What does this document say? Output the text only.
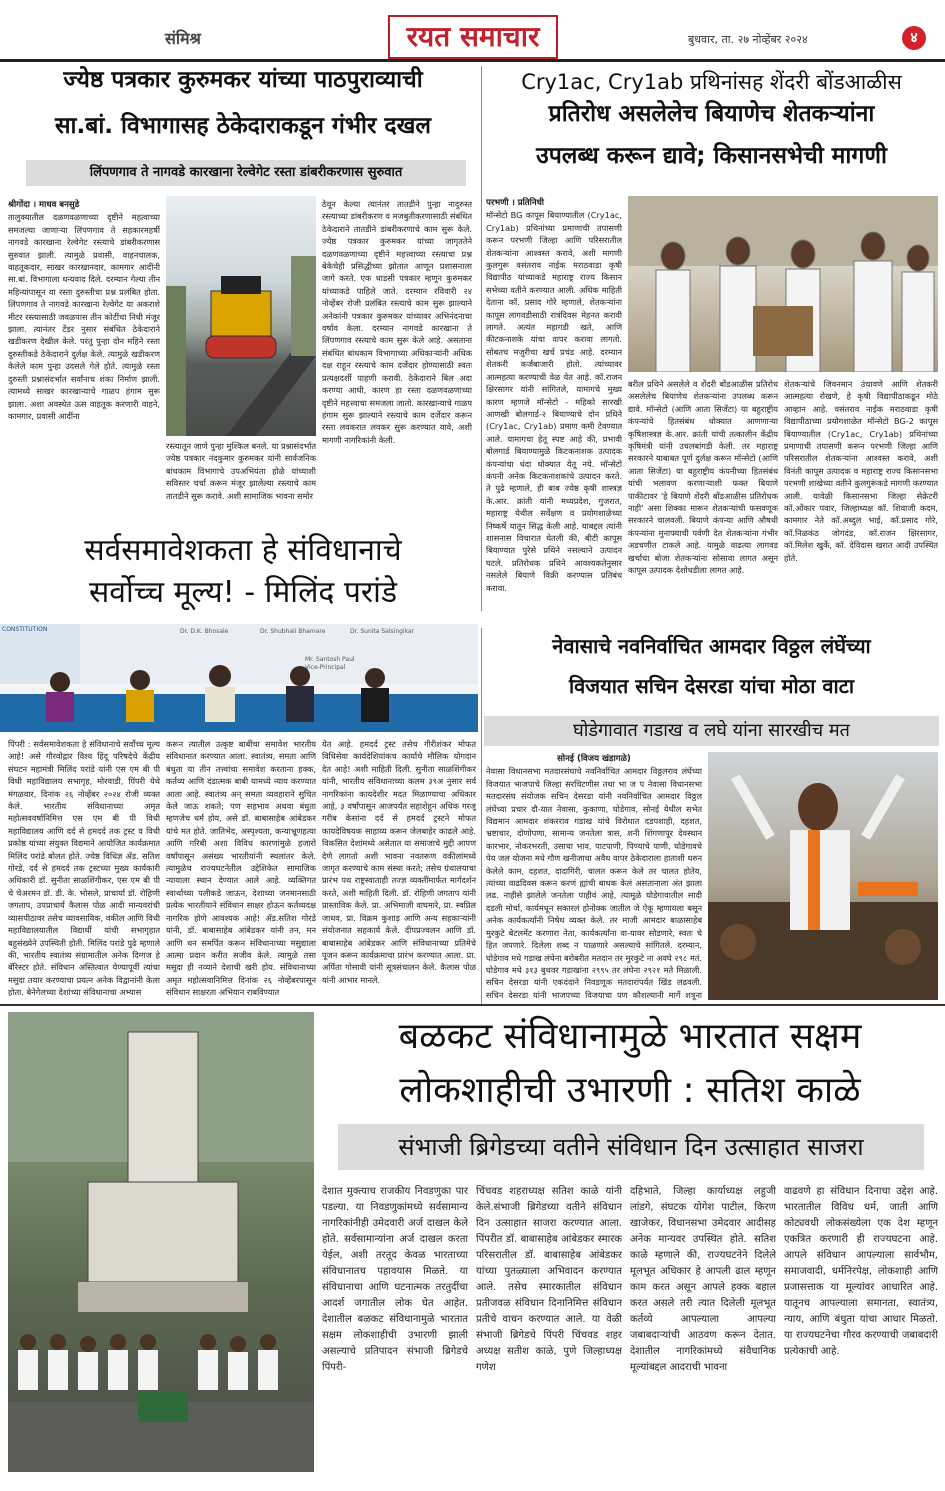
संमिश्र	रयत समाचार	बुधवार, ता. २७ नोव्हेंबर २०२४	४
ज्येष्ठ पत्रकार कुरुमकर यांच्या पाठपुराव्याची
सा.बां. विभागासह ठेकेदाराकडून गंभीर दखल
लिंपणगाव ते नागवडे कारखाना रेल्वेगेट रस्ता डांबरीकरणास सुरुवात

श्रीगोंदा । माधव बनसुडे

तालुक्यातील दळणवळणाच्या दृष्टीने महत्वाच्या समजल्या जाणाऱ्या लिंपणगाव ते सहकारमहर्षी नागवडे कारखाना रेल्वेगेट रस्त्याचे डांबरीकरणास सुरुवात झाली. त्यामुळे प्रवासी, वाहनचालक, वाहतूकदार, साखर कारखानदार, कामगार आदींनी सा.बां. विभागाला धन्यवाद दिले. दरम्यान गेल्या तीन महिन्यांपासून या रस्ता दुरुस्तीचा प्रश्न प्रलंबित होता. लिंपणगाव ते नागवडे कारखाना रेल्वेगेट या अकराशे मीटर रस्त्यासाठी जवळपास तीन कोटींचा निधी मंजूर झाला. त्यानंतर टेंडर नुसार संबंधित ठेकेदाराने खडीकरण देखील केले. परंतु पुन्हा दोन महिने रस्ता दुरुस्तीकडे ठेकेदाराने दुर्लक्ष केले. त्यामुळे खडीकरण केलेले काम पुन्हा उदसले गेले होते. त्यामुळे रस्ता दुरुस्ती प्रश्नासंदर्भात सर्वांनाच शंका निर्माण झाली. त्यामध्ये साखर कारखान्याचे गाळप हंगाम सुरू झाला. अशा अवस्थेत ऊस वाहतूक करणारी वाहने, कामगार, प्रवासी आदींना

रस्त्यातून जाणे पुन्हा मुश्किल बनले. या प्रश्नासंदर्भात ज्येष्ठ पत्रकार नंदकुमार कुरुमकर यांनी सार्वजनिक बांधकाम विभागाचे उपअभियंता होळे यांच्याशी सविस्तर चर्चा करून मंजूर झालेल्या रस्त्याचे काम तातडीने सुरू करावे. अशी सामाजिक भावना समोर
ठेवून केल्या त्यानंतर तातडीने पुन्हा नादुरुस्त रस्त्याच्या डांबरीकरण व मजबुतीकरणासाठी संबंधित ठेकेदाराने तातडीने डांबरीकरणाचे काम सुरू केले. ज्येष्ठ पत्रकार कुरुमकर यांच्या जागृततेने दळणवळणाच्या दृष्टीने महत्त्वाच्या रस्त्याचा प्रश्न बेकेचेही प्रसिद्धीच्या झोतात आणून प्रशासनाला जागे करते. एक धाडसी पत्रकार म्हणून कुरुमकर यांच्याकडे पाहिले जाते. दरम्यान रविवारी २४ नोव्हेंबर रोजी प्रलंबित रस्त्याचे काम सुरू झाल्याने अनेकांनी पत्रकार कुरुमकर यांच्यावर अभिनंदनाचा वर्षाव केला. दरम्यान नागवडे कारखाना ते लिंपणगाव रस्त्याचे काम सुरू केले आहे. असताना संबंधित बांधकाम विभागाच्या अधिकाऱ्यांनी अधिक दक्ष राहून रस्त्याचे काम दर्जेदार होण्यासाठी स्वतः प्रत्यक्षदर्शी पाहणी करावी. ठेकेदाराने बिल अदा करण्या आधी, कारण हा रस्ता दळणवळणाच्या दृष्टीने महत्त्वाचा समजला जातो. कारखान्याचे गाळप हंगाम सुरू झाल्याने रस्त्याचे काम दर्जेदार करून रस्ता लवकरात लवकर सुरू करण्यात यावे, अशी मागणी नागरिकांनी केली.
Cry1ac, Cry1ab प्रथिनांसह शेंदरी बोंडआळीस
प्रतिरोध असलेलेच बियाणेच शेतकऱ्यांना
उपलब्ध करून द्यावे; किसानसभेची मागणी

परभणी । प्रतिनिधी

मॉन्सेटो BG कापूस बियाण्यातील (Cry1ac, Cry1ab) प्रथिनांच्या प्रमाणाची तपासणी करून परभणी जिल्हा आणि परिसरातील शेतकऱ्यांना आश्वस्त करावे, अशी मागणी कुलगुरू वसंतराव नाईक मराठवाडा कृषी विद्यापीठ यांच्याकडे महाराष्ट्र राज्य किसान सभेच्या वतीने करण्यात आली. अधिक माहिती देताना कॉ. प्रसाद गोरे म्हणाले, शेतकऱ्यांना कापूस लागवडीसाठी रात्रंदिवस मेहनत करावी लागते. अत्यंत महागडी खते, आणि कीटकनाशके यांचा वापर करावा लागतो. सोबतच मजुरीचा खर्च प्रचंड आहे. दरम्यान शेतकरी कर्जबाजारी होतो. त्यांच्यावर आत्महत्या करण्याची वेळ येत आहे. कॉ.राजन क्षिरसागर यांनी सांगितले, यामागचे मुख्य कारण म्हणजे मॉन्सेटो - महिको सारखी आणखी बोलगार्ड-२ बियाण्याचे दोन प्रथिने (Cry1ac, Cry1ab) प्रमाण कमी टेवण्यात आले. यामागचा हेतू स्पष्ट आहे की, प्रभावी बोलगार्ड बियाण्यामुळे किटकनाशक उत्पादक कंपन्यांचा धंदा धोक्यात येतू नये. मॉन्सेटो कंपनी अनेक किटकनाशकांचे उत्पादन करते. ते पुढे म्हणाले, ही बाब ज्येष्ठ कृषी शास्त्रज्ञ के.आर. क्रांती यांनी मध्यप्रदेश, गुजरात, महाराष्ट्र येथील सर्वेक्षण व प्रयोगशाळेच्या निष्कर्षे यातून सिद्ध केली आहे. याबद्दल त्यांनी शासनास विचारात घेतली की, बीटी कापूस बियाण्यात पुरेसे प्रथिने नसल्याने उत्पादन घटले. प्रतिरोधक प्रथिने आवश्यकतेनुसार नसलेले बियाणे विक्री करण्यास प्रतिबंध करावा.

बरील प्रथिने असलेले व शेंदरी बोंडआळीस प्रतिरोध असलेलेच बियाणेच शेतकऱ्यांना उपलब्ध करून द्यावे. मॉन्सेटो (आणि आता सिजेंटा) या बहुराष्ट्रीय कंपन्यांचे हितसंबंध धोक्यात आणणाऱ्या कृषिशास्त्रज्ञ के.आर. क्रांती यांची तत्कालीन केंद्रीय कृषिमंत्री यांनी उचलबांगडी केली. तर महाराष्ट्र सरकारने याबाबत पूर्ण दुर्लक्ष करून मॉन्सेटो (आणि आता सिजेंटा) या बहुराष्ट्रीय कंपनीच्या हितसंबंध यांची भलावण करणाऱ्याशी फक्त बियाणे पाकीटावर 'हे बियाणे शेंदरी बोंडआळीस प्रतिरोधक नाही' असा शिक्का मारून शेतकऱ्यांची फसवणूक सरकारने चालवली. बियाणे कंपन्या आणि औषधी कंपन्यांना मुनाफ्याची पर्वणी देत शेतकऱ्यांना गंभीर अडचणीत टाकले आहे. यामुळे वाढत्या लागवड खर्चाचा बोजा शेतकऱ्यांना सोसावा लागत असून कापूस उत्पादक देशोधडीला लागत आहे.
शेतकऱ्यांचे जिवनमान उंचावणे आणि शेतकरी आत्महत्या रोखणे, हे कृषी विद्यापीठाकडून मोठे आव्हान आहे. वसंतराव नाईक मराठवाडा कृषी विद्यापीठाच्या प्रयोगशाळेत मॉन्सेटो BG-2 कापूस बियाण्यातील (Cry1ac, Cry1ab) प्रथिनांच्या प्रमाणाची तपासणी करून परभणी जिल्हा आणि परिसरातील शेतकऱ्यांना आश्वस्त करावे, अशी विनंती कापूस उत्पादक व महाराष्ट्र राज्य किसानसभा परभणी शाखेच्या वतीने कुलगुरूंकडे मागणी करण्यात आली. यावेळी किसानसभा जिल्हा सेक्रेटरी कॉ.ओंकार पवार, जिल्हाध्यक्ष कॉ. शिवाजी कदम, कामगार नेते कॉ.अब्दुल भाई, कॉ.प्रसाद गोरे, कॉ.निळकंठ जोगदंड, कॉ.राजन क्षिरसागर, कॉ.मिलेश खुर्के, कॉ. देविदास खरात आदी उपस्थित होते.
सर्वसमावेशकता हे संविधानाचे
सर्वोच्च मूल्य! - मिलिंद परांडे
CONSTITUTION	Dr. D.K. Bhosale	Dr. Shubhali Bhamare	Dr. Sunita Salsingikar
Mr. Santosh Paul
Vice-Principal
पिंपरी : सर्वसमावेशकता हे संविधानाचे सर्वोच्च मूल्य आहे! असे गौरवोद्गार विश्व हिंदू परिषदेचे केंद्रीय संघटन महामंत्री मिलिंद परांडे यांनी एस एम बी पी विधी महाविद्यालय सभागृह, मोरवाडी, पिंपरी येथे मंगळवार, दिनांक २६ नोव्हेंबर २०२४ रोजी व्यक्त केले. भारतीय संविधानाच्या अमृत महोत्सववर्षानिमित्त एस एम बी पी विधी महाविद्यालय आणि दर्द से हमदर्द तक ट्रस्ट व विधी प्रकोष्ठ यांच्या संयुक्त विद्यमाने आयोजित कार्यक्रमात मिलिंद परांडे बोलत होते. ज्येष्ठ विधिज्ञ ॲड. सतिश गोरडे, दर्द से हमदर्द तक ट्रस्टच्या मुख्य कार्यकारी अधिकारी डॉ. सुनीता साळशिंगीकर, एस एम बी पी चे चेअरमन डॉ. डी. के. भोसले, प्राचार्या डॉ. रोहिणी जगताप, उपप्राचार्य कैलास पोळ आदी मान्यवरांची व्यासपीठावर तसेच व्यावसायिक, वकील आणि विधी महाविद्यालयातील विद्यार्थी यांची सभागृहात बहुसंख्येने उपस्थिती होती. मिलिंद परांडे पुढे म्हणाले की, भारतीय स्वातंत्र्य संग्रामातील अनेक दिग्गज हे बॅरिस्टर होते. संविधान अस्तित्वात येण्यापूर्वी त्यांचा मसुदा तयार करण्याचा प्रयत्न अनेक विद्वानांनी केला होता. बेनेगेलच्या देशांच्या संविधानाचा अभ्यास
करून त्यातील उत्कृष्ट बाबींचा समावेश भारतीय संविधानात करण्यात आला. स्वातंत्र्य, समता आणि बंधुता या तीन तत्त्वांचा समावेश करताना हक्क, कर्तव्य आणि दंडात्मक बाबी यामध्ये न्याय करण्यात आला आहे. स्वातंत्र्य अन् समता व्यवहाराने सुचित केले जाऊ शकते; पण सहभाव अथवा बंधुता म्हणजेच धर्म होय, असे डॉ. बाबासाहेब आंबेडकर यांचे मत होते. जातिभेद, अस्पृश्यता, कन्याभ्रूणहत्या आणि गरिबी अशा विविध कारणांमुळे हजारो वर्षांपासून असंख्य भारतीयांनी स्थलांतर केले. त्यामुळेच राज्यघटनेतील उद्देशिकेत सामाजिक न्यायाला स्थान देण्यात आले आहे. व्यक्तिगत स्वार्थाच्या पलीकडे जाऊन, देशाच्या जनमानसाठी प्रत्येक भारतीयाने संविधान साक्षर होऊन कर्तव्यदक्ष नागरिक होणे आवश्यक आहे! ॲड.सतिश गोरडे यांनी, डॉ. बाबासाहेब आंबेडकर यांनी तन, मन आणि धन समर्पित करून संविधानाच्या मसुद्याला आत्मा प्रदान करीत सजीव केले. त्यामुळे तसा मसुदा ही नव्याने देशाची खरी होय. संविधानाच्या अमृत महोत्सवानिमित्त दिनांक २६ नोव्हेंबरपासून संविधान साक्षरता अभियान राबविण्यात
येत आहे. हमदर्द ट्रस्ट तसेच गीरीशंकर मोफत विधिसेवा कार्यदेशियांकच कार्याचे मौलिक योगदान देत आहे! अशी माहिती दिली. सुनीता साळशिंगीकर यांनी, भारतीय संविधानाच्या कलम ३९अ नुसार सर्व नागरिकांना कायदेशीर मदत मिळाण्याचा अधिकार आहे, ३ वर्षांपासून आजपर्यंत सहाशेहून अधिक गरजू गरीब केसांना दर्द से हमदर्द ट्रस्टने मोफत कायदेविषयक साहाय्य करून जेलबाहेर काढले आहे. विकसित देशांमध्ये असेतात या समाजाचे मुद्दी आपण देणे लागतो अशी भावना नवतरूण वकीलांमध्ये जागृत करण्याचे काम संस्था करते; तसेच ग्रंथालयाचा प्रारंभ पथ राष्ट्रस्वाताही तज्ज्ञ व्यक्तींमार्फत मार्गदर्शन करते, अशी माहिती दिली. डॉ. रोहिणी जगताप यांनी प्रास्ताविक केले. प्रा. अभिमाजी वाघमारे, प्रा. स्वप्निल जाधव, प्रा. विक्रम कुशाड़ आणि अन्य सहकाऱ्यांनी संयोजनात सहकार्य केले. दीपप्रज्वलन आणि डॉ. बाबासाहेब आंबेडकर आणि संविधानाच्या प्रतिमेचे पूजन करून कार्यक्रमाचा प्रारंभ करण्यात आला. प्रा. अर्पिता गोसावी यांनी सूत्रसंचालन केले. कैलास पोळ यांनी आभार मानले.
नेवासाचे नवनिर्वाचित आमदार विठ्ठल लंघेंच्या
विजयात सचिन देसरडा यांचा मोठा वाटा
घोडेगावात गडाख व लघे यांना सारखीच मत

सोनई (विजय खंडागळे)

नेवासा विधानसभा मतदारसंघाचे नवनिर्वाचित आमदार विठ्ठलराव लंघेंच्या विजयात भाजपाचे जिल्हा सरचिटणीस तथा भा ज प नेवासा विधानसभा मतदारसंघ संयोजक सचिन देसरडा यांनी नवनिर्वाचित आमदार विठ्ठल लंघेंच्या प्रचार दौ-यात नेवासा, कुकाणा, घोडेगाव, सोनई येथील सभेत विद्यमान आमदार शंकरराव गडाख यांचे विरोधात दडपशाही, दहशत, भ्रष्टाचार, दोणोपणा, सामान्य जनतेला त्रास, शनी शिंगणापूर देवस्थान कारभार, नोकरभरती, उसाचा भाव, पाटपाणी, पिण्याचे पाणी, घोडेगावचे पेय जल योजना मधे गौण खनीजाचा अवैध वापर ठेकेदाराला हाताशी धरुन केलेले काम, दहशत, दादागिरी, चालत करून केले तर चालत होतेय, त्यांच्या वाढदिवस करून करणं ह्यांची बाधक केलं असतानाला अंत झाला लढ. नाहीसे झालेले जनतेला पाहीवं आहे, त्यामुळे घोडेगावातील सादी दडली मोर्चा, कार्यमधून सकारलं होनोक्क जातील जे ऐकू म्हणायला बसून अनेक कार्यकर्त्यांनी निषेध व्यक्त केले. तर माजी आमदार बाळासाहेब मुरकुटे बेटलमेंट करणारा नेता, कार्यकर्त्यांना वा-यावर सोडणारे, स्वतः चे हित जपणारे. दिलेला शब्द न पाळणारे असल्याचे सांगितले. दरम्यान, घोडेगाव मधे गडाख लंघेना बरोबरीत मतदान तर मुरकुटे ना अवघे २९८ मतं. घोडेगाव मधे ३१३ बुथवर गडाखांना २९९५ तर लंघेना २९२१ मते मिळाली. सचिन देसरडा यांनी एकदंदाने निवडणूक मतदारांपर्यत खिंड लढवली. सचिन देसरडा यांनी भाजपच्या विजयाचा पण कौशल्यानी मार्गे शत्रूना

बळकट संविधानामुळे भारतात सक्षम
लोकशाहीची उभारणी : सतिश काळे
संभाजी ब्रिगेडच्या वतीने संविधान दिन उत्साहात साजरा
देशात मुक्त्याच राजकीय निवडणुका पार पडल्या. या निवडणुकांमध्ये सर्वसामान्य नागरिकांनीही उमेदवारी अर्ज दाखल केले होते. सर्वसामान्यांना अर्ज दाखल करता येईल, अशी तरतूद केवळ भारताच्या संविधानातच पहावयास मिळते. या संविधानाचा आणि घटनात्मक तरतुदींचा आदर्श जगातील लोक घेत आहेत. देशातील बळकट संविधानामुळे भारतात सक्षम लोकशाहीची उभारणी झाली असल्याचे प्रतिपादन संभाजी ब्रिगेडचे पिंपरी-
चिंचवड शहराध्यक्ष सतिश काळे यांनी केले.संभाजी ब्रिगेडच्या वतीने संविधान दिन उत्साहात साजरा करण्यात आला. पिंपरीत डॉ. बाबासाहेब आंबेडकर स्मारक परिसरातील डॉ. बाबासाहेब आंबेडकर यांच्या पुतळ्याला अभिवादन करण्यात आले. तसेच स्मारकातील संविधान प्रतीजवळ संविधान दिनानिमित्त संविधान प्रतीचे वाचन करण्यात आले. या वेळी संभाजी ब्रिगेडचे पिंपरी चिंचवड शहर अध्यक्ष सतीश काळे, पुणे जिल्हाध्यक्ष गणेश
दहिभाते, जिल्हा कार्याध्यक्ष लहुजी लांडगे, संघटक योगेश पाटील, किरण खाजेकर, विधानसभा उमेदवार आदीसह अनेक मान्यवर उपस्थित होते. सतिश काळे म्हणाले की, राज्यघटनेने दिलेले मूलभूत अधिकार हे आपली ढाल म्हणून काम करत असून आपले हक्क बहाल करत असले तरी त्यात दिलेली मूलभूत कर्तव्ये आपल्याला आपल्या जबाबदाऱ्यांची आठवण करून देतात. देशातील नागरिकांमध्ये संवैधानिक मूल्यांबद्दल आदराची भावना
वाढवणे हा संविधान दिनाचा उद्देश आहे. भारतातील विविध धर्म, जाती आणि कोट्यवधी लोकसंख्येला एक देश म्हणून एकत्रित करणारी ही राज्यघटना आहे. आपले संविधान आपल्याला सार्वभौम, समाजवादी, धर्मनिरपेक्ष, लोकशाही आणि प्रजासत्ताक या मूल्यांवर आधारित आहे. यातूनच आपल्याला समानता, स्वातंत्र्य, न्याय, आणि बंधुता यांचा आधार मिळतो. या राज्यघटनेचा गौरव करण्याची जबाबदारी प्रत्येकाची आहे.
